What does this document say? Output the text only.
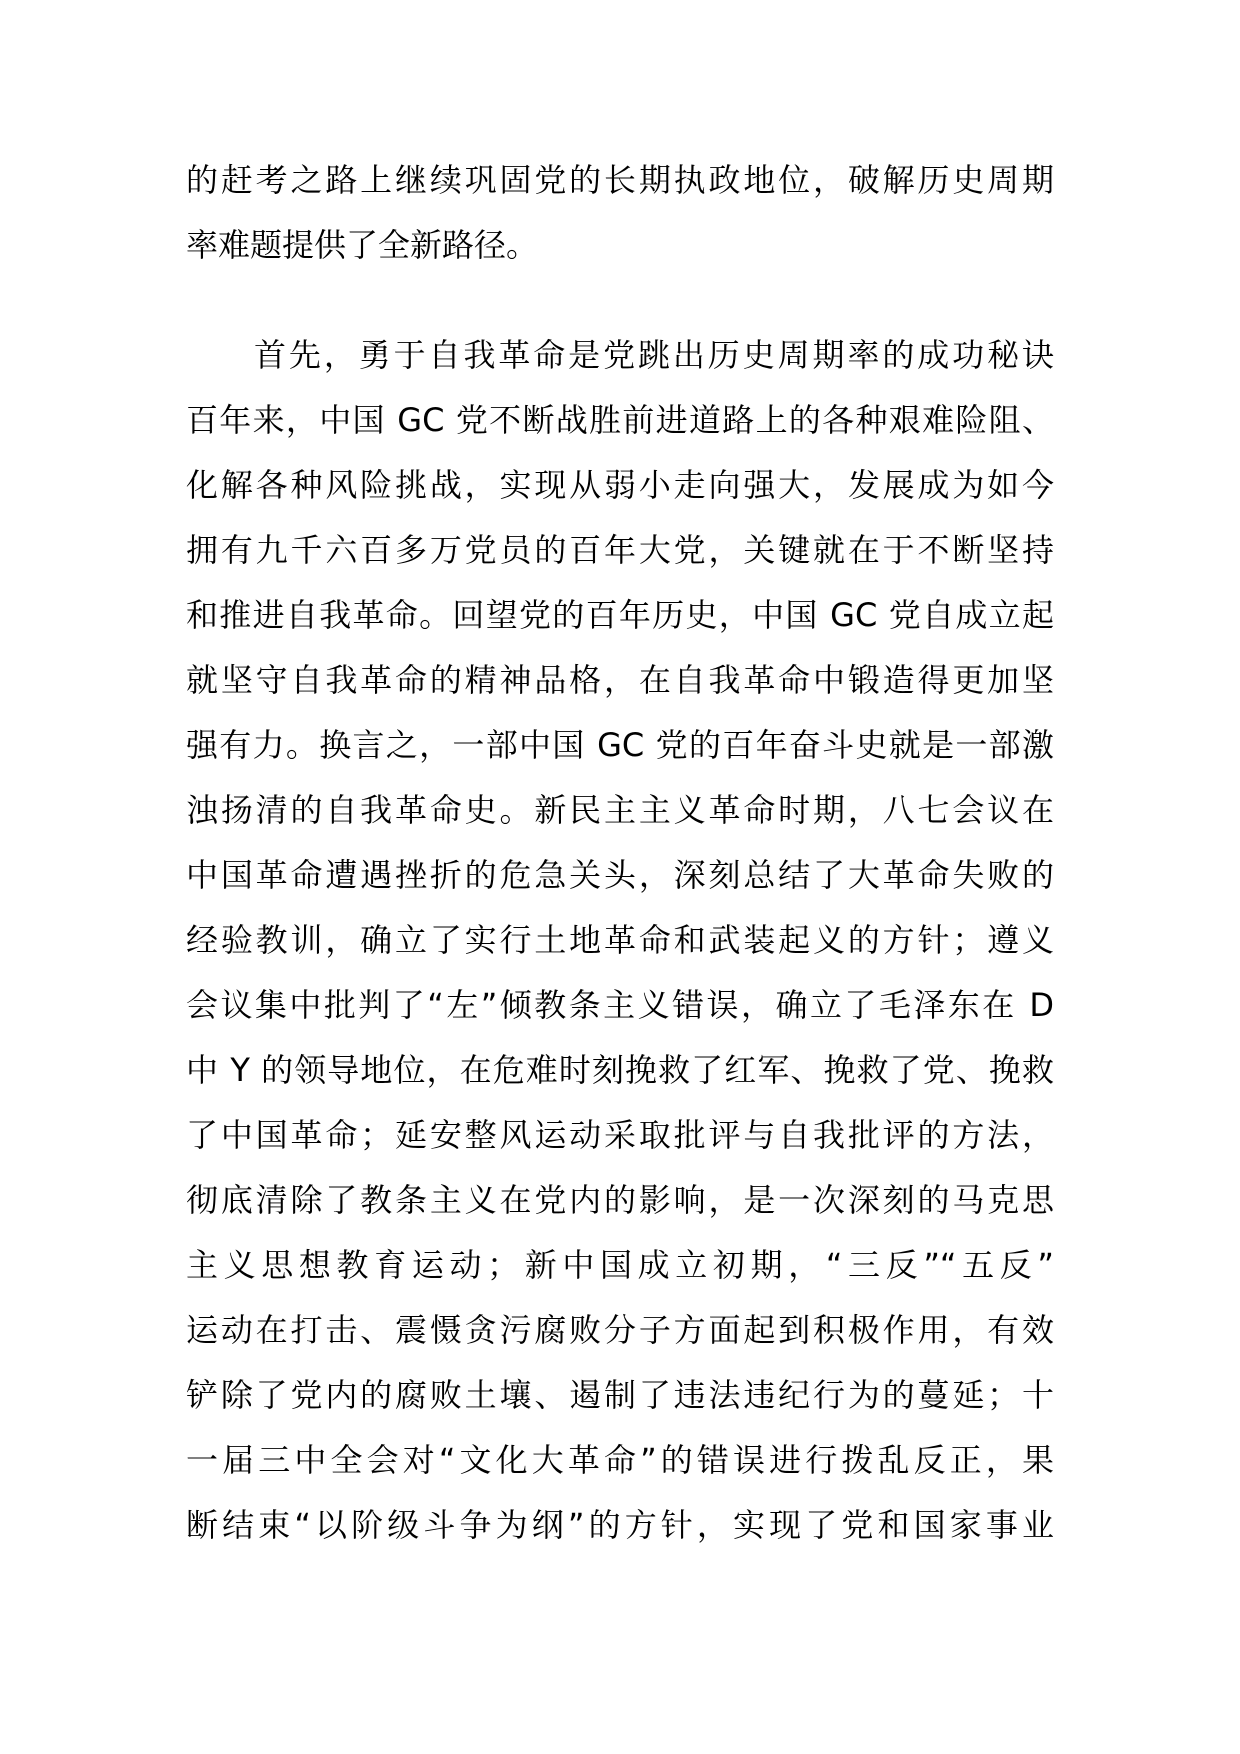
的赶考之路上继续巩固党的长期执政地位，破解历史周期
率难题提供了全新路径。
首先，勇于自我革命是党跳出历史周期率的成功秘诀
百年来，中国 GC 党不断战胜前进道路上的各种艰难险阻、
化解各种风险挑战，实现从弱小走向强大，发展成为如今
拥有九千六百多万党员的百年大党，关键就在于不断坚持
和推进自我革命。回望党的百年历史，中国 GC 党自成立起
就坚守自我革命的精神品格，在自我革命中锻造得更加坚
强有力。换言之，一部中国 GC 党的百年奋斗史就是一部激
浊扬清的自我革命史。新民主主义革命时期，八七会议在
中国革命遭遇挫折的危急关头，深刻总结了大革命失败的
经验教训，确立了实行土地革命和武装起义的方针；遵义
会议集中批判了“左”倾教条主义错误，确立了毛泽东在 D
中 Y 的领导地位，在危难时刻挽救了红军、挽救了党、挽救
了中国革命；延安整风运动采取批评与自我批评的方法，
彻底清除了教条主义在党内的影响，是一次深刻的马克思
主义思想教育运动；新中国成立初期，“三反”“五反”
运动在打击、震慑贪污腐败分子方面起到积极作用，有效
铲除了党内的腐败土壤、遏制了违法违纪行为的蔓延；十
一届三中全会对“文化大革命”的错误进行拨乱反正，果
断结束“以阶级斗争为纲”的方针，实现了党和国家事业
